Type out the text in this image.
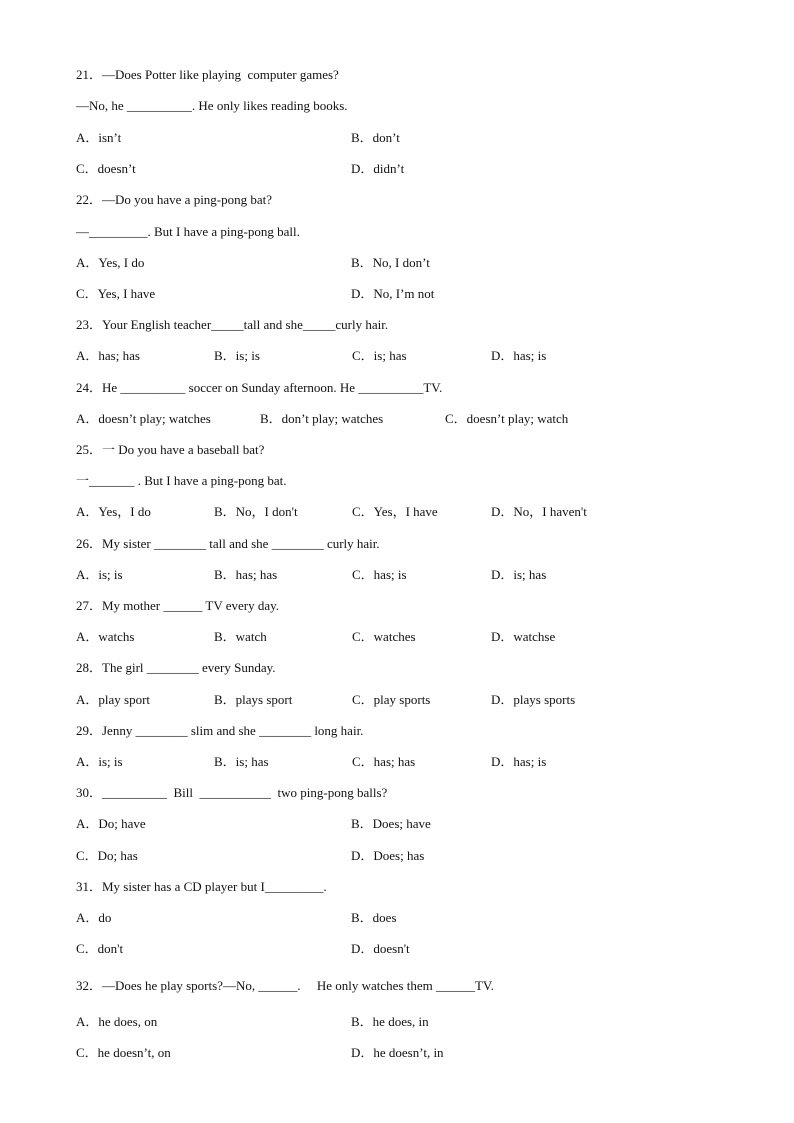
21．—Does Potter like playing  computer games?
—No, he __________. He only likes reading books.
A．isn’t	B．don’t
C．doesn’t	D．didn’t
22．—Do you have a ping-pong bat?
—_________. But I have a ping-pong ball.
A．Yes, I do	B．No, I don’t
C．Yes, I have	D．No, I’m not
23．Your English teacher_____tall and she_____curly hair.
A．has; has	B．is; is	C．is; has	D．has; is
24．He __________ soccer on Sunday afternoon. He __________TV.
A．doesn’t play; watches	B．don’t play; watches	C．doesn’t play; watch
25．一 Do you have a baseball bat?
一_______ . But I have a ping-pong bat.
A．Yes，I do	B．No，I don't	C．Yes，I have	D．No，I haven't
26．My sister ________ tall and she ________ curly hair.
A．is; is	B．has; has	C．has; is	D．is; has
27．My mother ______ TV every day.
A．watchs	B．watch	C．watches	D．watchse
28．The girl ________ every Sunday.
A．play sport	B．plays sport	C．play sports	D．plays sports
29．Jenny ________ slim and she ________ long hair.
A．is; is	B．is; has	C．has; has	D．has; is
30．__________  Bill  ___________  two ping-pong balls?
A．Do; have	B．Does; have
C．Do; has	D．Does; has
31．My sister has a CD player but I_________.
A．do	B．does
C．don't	D．doesn't
32．—Does he play sports?—No, ______.     He only watches them ______TV.
A．he does, on	B．he does, in
C．he doesn’t, on	D．he doesn’t, in
